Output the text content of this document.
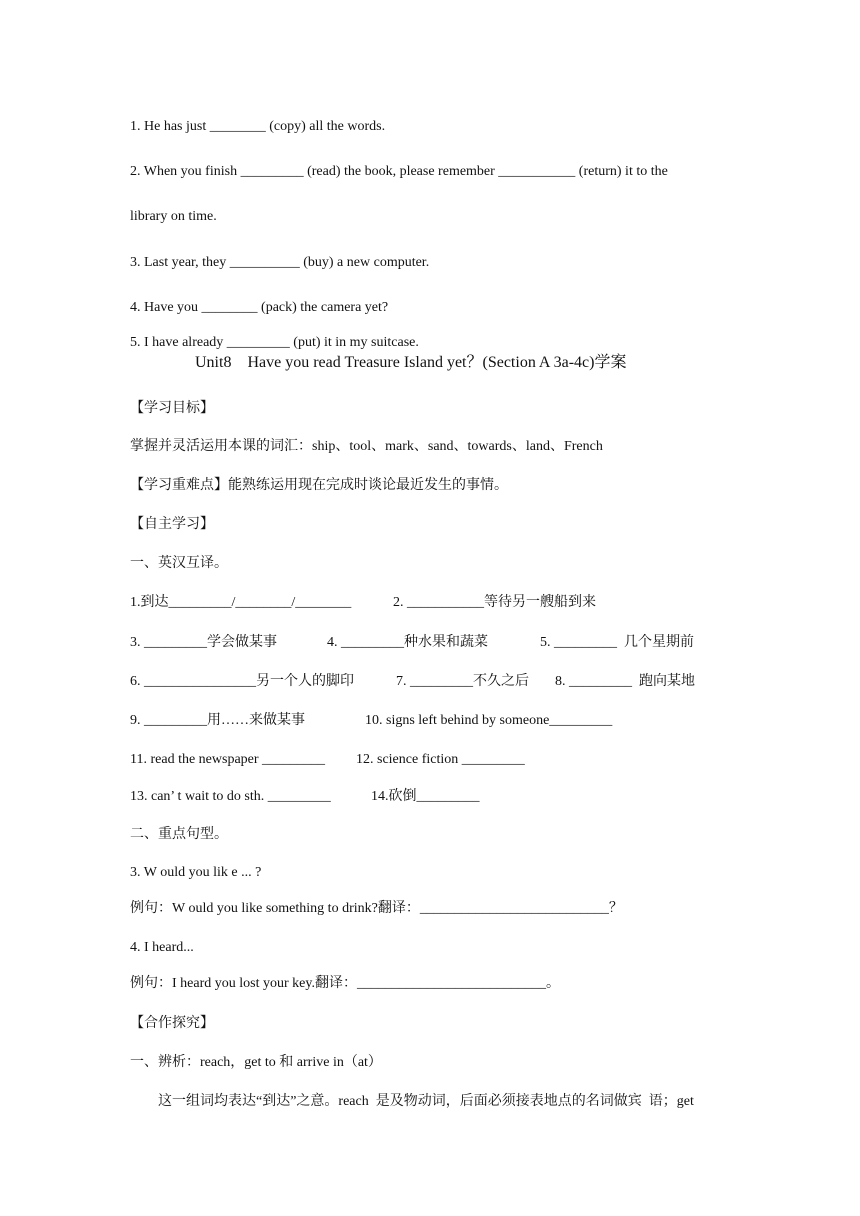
1. He has just ________ (copy) all the words.
2. When you finish _________ (read) the book, please remember ___________ (return) it to the
library on time.
3. Last year, they __________ (buy) a new computer.
4. Have you ________ (pack) the camera yet?
5. I have already _________ (put) it in my suitcase.
Unit8    Have you read Treasure Island yet？(Section A 3a-4c)学案
【学习目标】
掌握并灵活运用本课的词汇：ship、tool、mark、sand、towards、land、French
【学习重难点】能熟练运用现在完成时谈论最近发生的事情。
【自主学习】
一、英汉互译。
1.到达_________/________/________	2. ___________等待另一艘船到来
3. _________学会做某事	4. _________种水果和蔬菜	5. _________  几个星期前
6. ________________另一个人的脚印	7. _________不久之后 8. _________  跑向某地
9. _________用……来做某事	10. signs left behind by someone_________
11. read the newspaper _________ 12. science fiction _________
13. can’ t wait to do sth. _________	14.砍倒_________
二、重点句型。
3. W ould you lik e ... ?
例句：W ould you like something to drink?翻译：___________________________？
4. I heard...
例句：I heard you lost your key.翻译：___________________________。
【合作探究】
一、辨析：reach，get to 和 arrive in（at）
这一组词均表达“到达”之意。reach  是及物动词，后面必须接表地点的名词做宾  语；get
